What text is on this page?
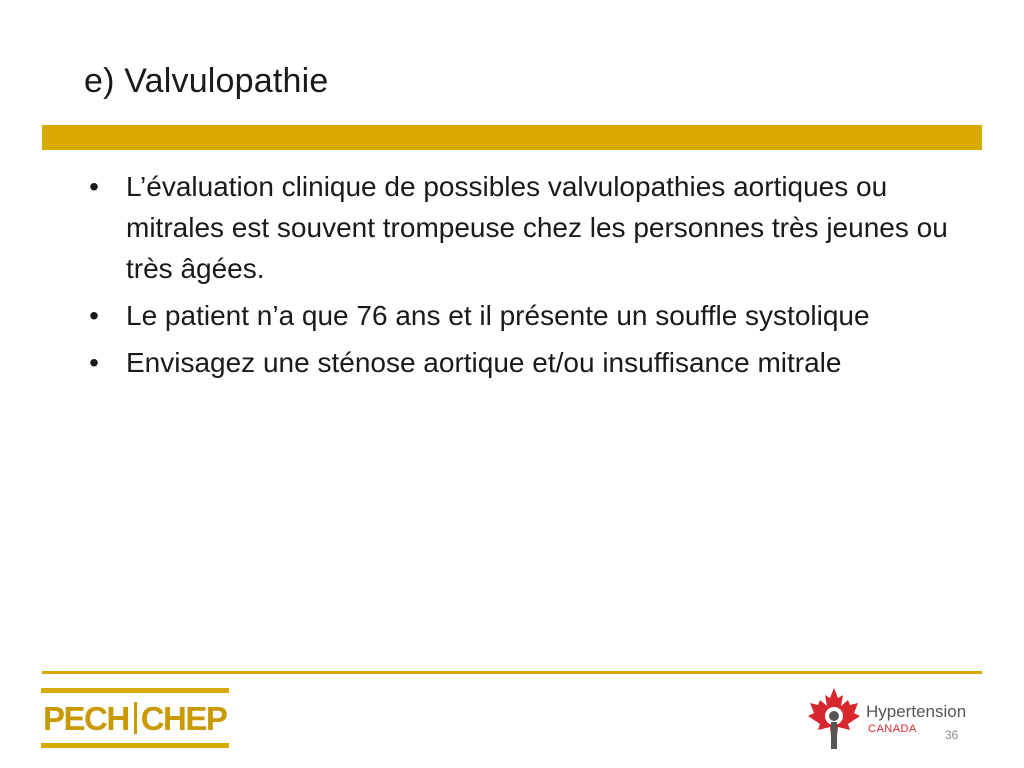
e) Valvulopathie
• L’évaluation clinique de possibles valvulopathies aortiques ou mitrales est souvent trompeuse chez les personnes très jeunes ou très âgées.
• Le patient n’a que 76 ans et il présente un souffle systolique
• Envisagez une sténose aortique et/ou insuffisance mitrale
PECH CHEP	Hypertension
CANADA 36
